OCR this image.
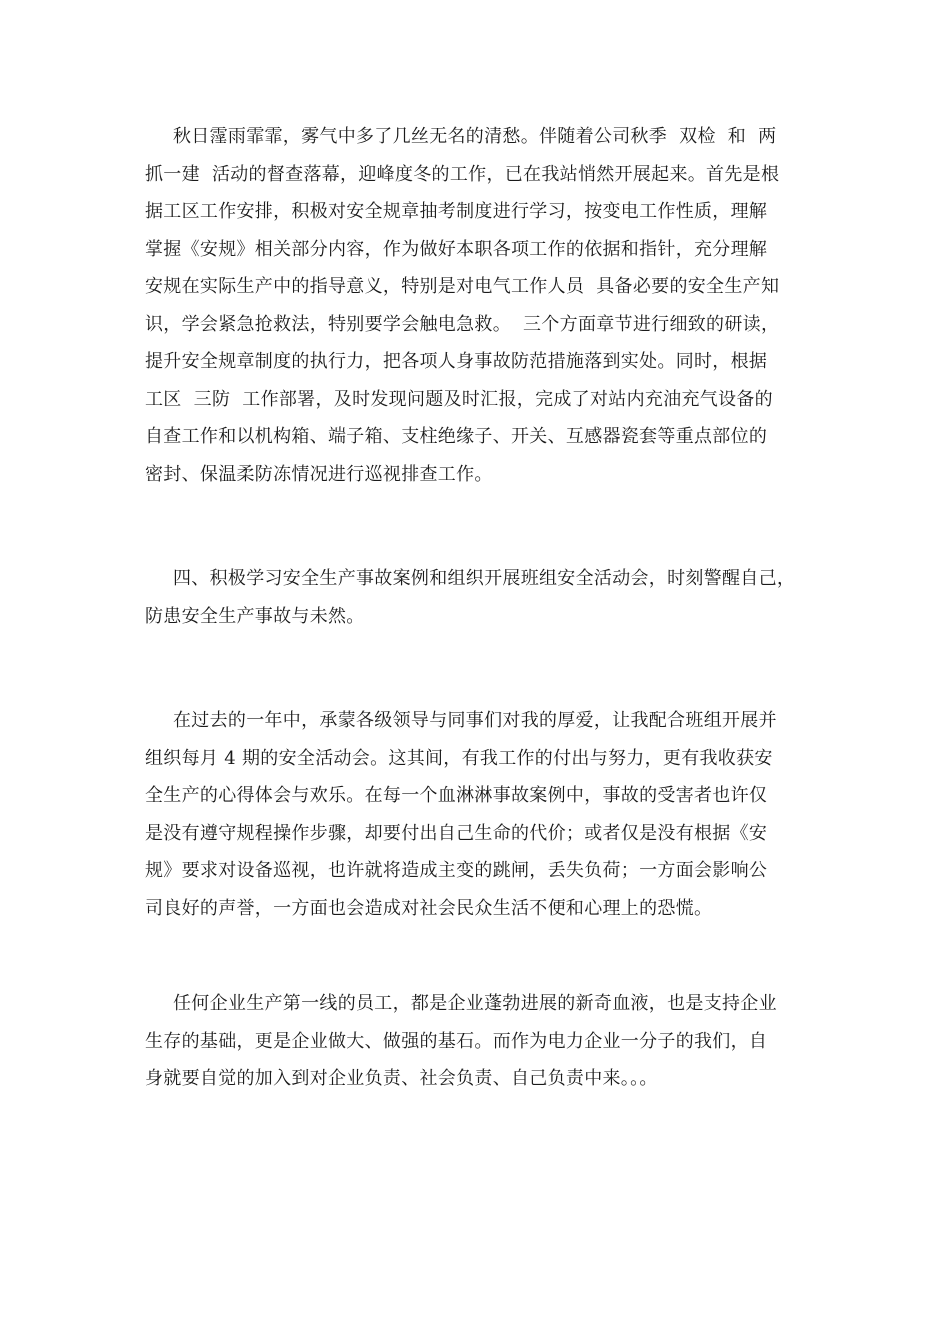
秋日霪雨霏霏，雾气中多了几丝无名的清愁。伴随着公司秋季  双检  和  两
抓一建  活动的督查落幕，迎峰度冬的工作，已在我站悄然开展起来。首先是根
据工区工作安排，积极对安全规章抽考制度进行学习，按变电工作性质，理解
掌握《安规》相关部分内容，作为做好本职各项工作的依据和指针，充分理解
安规在实际生产中的指导意义，特别是对电气工作人员  具备必要的安全生产知
识，学会紧急抢救法，特别要学会触电急救。  三个方面章节进行细致的研读，
提升安全规章制度的执行力，把各项人身事故防范措施落到实处。同时，根据
工区  三防  工作部署，及时发现问题及时汇报，完成了对站内充油充气设备的
自查工作和以机构箱、端子箱、支柱绝缘子、开关、互感器瓷套等重点部位的
密封、保温柔防冻情况进行巡视排查工作。
四、积极学习安全生产事故案例和组织开展班组安全活动会，时刻警醒自己，
防患安全生产事故与未然。
在过去的一年中，承蒙各级领导与同事们对我的厚爱，让我配合班组开展并
组织每月 4 期的安全活动会。这其间，有我工作的付出与努力，更有我收获安
全生产的心得体会与欢乐。在每一个血淋淋事故案例中，事故的受害者也许仅
是没有遵守规程操作步骤，却要付出自己生命的代价；或者仅是没有根据《安
规》要求对设备巡视，也许就将造成主变的跳闸，丢失负荷；一方面会影响公
司良好的声誉，一方面也会造成对社会民众生活不便和心理上的恐慌。
任何企业生产第一线的员工，都是企业蓬勃进展的新奇血液，也是支持企业
生存的基础，更是企业做大、做强的基石。而作为电力企业一分子的我们，自
身就要自觉的加入到对企业负责、社会负责、自己负责中来。。。
